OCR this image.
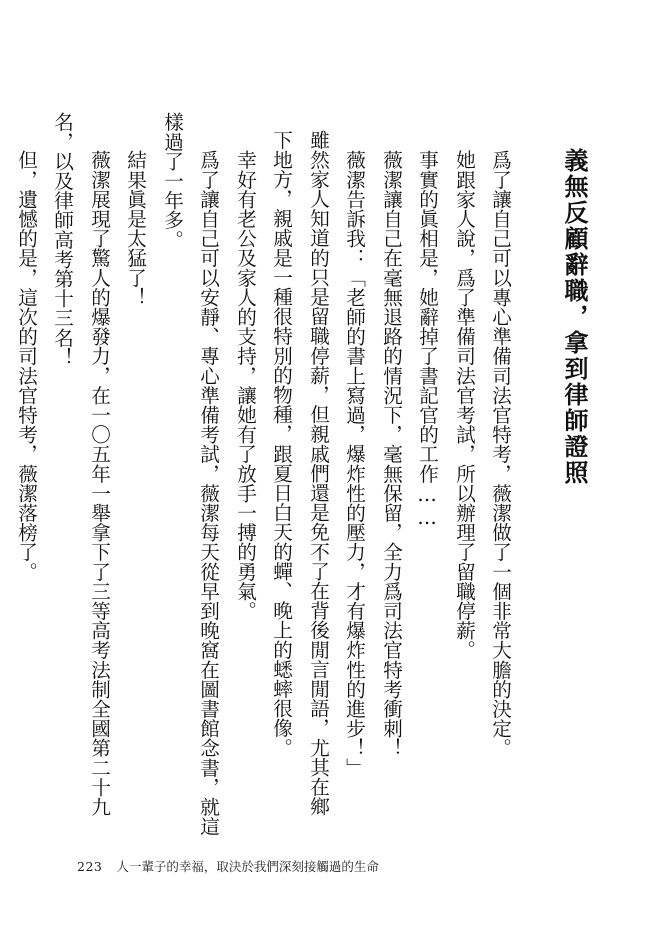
義無反顧辭職，拿到律師證照
爲了讓自己可以專心準備司法官特考，薇潔做了一個非常大膽的決定。
她跟家人說，爲了準備司法官考試，所以辦理了留職停薪。
事實的眞相是，她辭掉了書記官的工作……
薇潔讓自己在毫無退路的情況下，毫無保留，全力爲司法官特考衝刺！
薇潔告訴我：「老師的書上寫過，爆炸性的壓力，才有爆炸性的進步！」
雖然家人知道的只是留職停薪，但親戚們還是免不了在背後閒言閒語，尤其在鄉
下地方，親戚是一種很特別的物種，跟夏日白天的蟬、晚上的蟋蟀很像。
幸好有老公及家人的支持，讓她有了放手一搏的勇氣。
爲了讓自己可以安靜、專心準備考試，薇潔每天從早到晚窩在圖書館念書，就這
樣過了一年多。
結果眞是太猛了！
薇潔展現了驚人的爆發力，在一〇五年一舉拿下了三等高考法制全國第二十九
名，以及律師高考第十三名！
但，遺憾的是，這次的司法官特考，薇潔落榜了。
223 人一輩子的幸福，取決於我們深刻接觸過的生命
